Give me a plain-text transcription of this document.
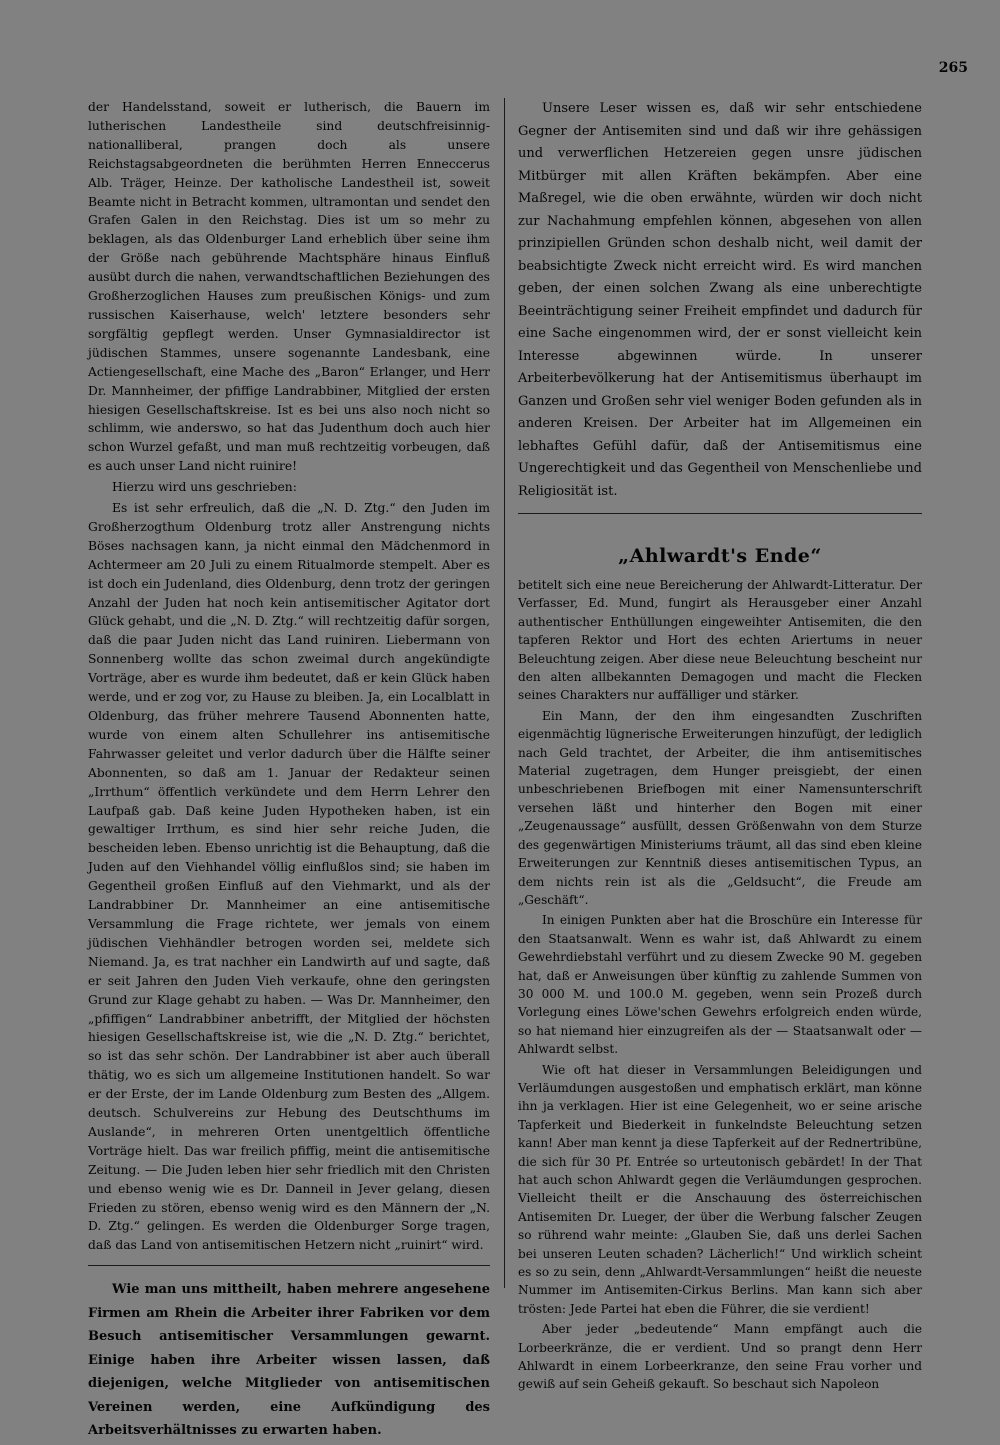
265

der Handelsstand, soweit er lutherisch, die Bauern im lutherischen Landestheile sind deutschfreisinnig-nationalliberal, prangen doch als unsere Reichstagsabgeordneten die berühmten Herren Enneccerus Alb. Träger, Heinze. Der katholische Landestheil ist, soweit Beamte nicht in Betracht kommen, ultramontan und sendet den Grafen Galen in den Reichstag. Dies ist um so mehr zu beklagen, als das Oldenburger Land erheblich über seine ihm der Größe nach gebührende Machtsphäre hinaus Einfluß ausübt durch die nahen, verwandtschaftlichen Beziehungen des Großherzoglichen Hauses zum preußischen Königs- und zum russischen Kaiserhause, welch' letztere besonders sehr sorgfältig gepflegt werden. Unser Gymnasialdirector ist jüdischen Stammes, unsere sogenannte Landesbank, eine Actiengesellschaft, eine Mache des „Baron“ Erlanger, und Herr Dr. Mannheimer, der pfiffige Landrabbiner, Mitglied der ersten hiesigen Gesellschaftskreise. Ist es bei uns also noch nicht so schlimm, wie anderswo, so hat das Judenthum doch auch hier schon Wurzel gefaßt, und man muß rechtzeitig vorbeugen, daß es auch unser Land nicht ruinire!

Hierzu wird uns geschrieben:

Es ist sehr erfreulich, daß die „N. D. Ztg.“ den Juden im Großherzogthum Oldenburg trotz aller Anstrengung nichts Böses nachsagen kann, ja nicht einmal den Mädchenmord in Achtermeer am 20 Juli zu einem Ritualmorde stempelt. Aber es ist doch ein Judenland, dies Oldenburg, denn trotz der geringen Anzahl der Juden hat noch kein antisemitischer Agitator dort Glück gehabt, und die „N. D. Ztg.“ will rechtzeitig dafür sorgen, daß die paar Juden nicht das Land ruiniren. Liebermann von Sonnenberg wollte das schon zweimal durch angekündigte Vorträge, aber es wurde ihm bedeutet, daß er kein Glück haben werde, und er zog vor, zu Hause zu bleiben. Ja, ein Localblatt in Oldenburg, das früher mehrere Tausend Abonnenten hatte, wurde von einem alten Schullehrer ins antisemitische Fahrwasser geleitet und verlor dadurch über die Hälfte seiner Abonnenten, so daß am 1. Januar der Redakteur seinen „Irrthum“ öffentlich verkündete und dem Herrn Lehrer den Laufpaß gab. Daß keine Juden Hypotheken haben, ist ein gewaltiger Irrthum, es sind hier sehr reiche Juden, die bescheiden leben. Ebenso unrichtig ist die Behauptung, daß die Juden auf den Viehhandel völlig einflußlos sind; sie haben im Gegentheil großen Einfluß auf den Viehmarkt, und als der Landrabbiner Dr. Mannheimer an eine antisemitische Versammlung die Frage richtete, wer jemals von einem jüdischen Viehhändler betrogen worden sei, meldete sich Niemand. Ja, es trat nachher ein Landwirth auf und sagte, daß er seit Jahren den Juden Vieh verkaufe, ohne den geringsten Grund zur Klage gehabt zu haben. — Was Dr. Mannheimer, den „pfiffigen“ Landrabbiner anbetrifft, der Mitglied der höchsten hiesigen Gesellschaftskreise ist, wie die „N. D. Ztg.“ berichtet, so ist das sehr schön. Der Landrabbiner ist aber auch überall thätig, wo es sich um allgemeine Institutionen handelt. So war er der Erste, der im Lande Oldenburg zum Besten des „Allgem. deutsch. Schulvereins zur Hebung des Deutschthums im Auslande“, in mehreren Orten unentgeltlich öffentliche Vorträge hielt. Das war freilich pfiffig, meint die antisemitische Zeitung. — Die Juden leben hier sehr friedlich mit den Christen und ebenso wenig wie es Dr. Danneil in Jever gelang, diesen Frieden zu stören, ebenso wenig wird es den Männern der „N. D. Ztg.“ gelingen. Es werden die Oldenburger Sorge tragen, daß das Land von antisemitischen Hetzern nicht „ruinirt“ wird.

Wie man uns mittheilt, haben mehrere angesehene Firmen am Rhein die Arbeiter ihrer Fabriken vor dem Besuch antisemitischer Versammlungen gewarnt. Einige haben ihre Arbeiter wissen lassen, daß diejenigen, welche Mitglieder von antisemitischen Vereinen werden, eine Aufkündigung des Arbeitsverhältnisses zu erwarten haben.

Unsere Leser wissen es, daß wir sehr entschiedene Gegner der Antisemiten sind und daß wir ihre gehässigen und verwerflichen Hetzereien gegen unsre jüdischen Mitbürger mit allen Kräften bekämpfen. Aber eine Maßregel, wie die oben erwähnte, würden wir doch nicht zur Nachahmung empfehlen können, abgesehen von allen prinzipiellen Gründen schon deshalb nicht, weil damit der beabsichtigte Zweck nicht erreicht wird. Es wird manchen geben, der einen solchen Zwang als eine unberechtigte Beeinträchtigung seiner Freiheit empfindet und dadurch für eine Sache eingenommen wird, der er sonst vielleicht kein Interesse abgewinnen würde. In unserer Arbeiterbevölkerung hat der Antisemitismus überhaupt im Ganzen und Großen sehr viel weniger Boden gefunden als in anderen Kreisen. Der Arbeiter hat im Allgemeinen ein lebhaftes Gefühl dafür, daß der Antisemitismus eine Ungerechtigkeit und das Gegentheil von Menschenliebe und Religiosität ist.

„Ahlwardt's Ende“

betitelt sich eine neue Bereicherung der Ahlwardt-Litteratur. Der Verfasser, Ed. Mund, fungirt als Herausgeber einer Anzahl authentischer Enthüllungen eingeweihter Antisemiten, die den tapferen Rektor und Hort des echten Ariertums in neuer Beleuchtung zeigen. Aber diese neue Beleuchtung bescheint nur den alten allbekannten Demagogen und macht die Flecken seines Charakters nur auffälliger und stärker.

Ein Mann, der den ihm eingesandten Zuschriften eigenmächtig lügnerische Erweiterungen hinzufügt, der lediglich nach Geld trachtet, der Arbeiter, die ihm antisemitisches Material zugetragen, dem Hunger preisgiebt, der einen unbeschriebenen Briefbogen mit einer Namensunterschrift versehen läßt und hinterher den Bogen mit einer „Zeugenaussage“ ausfüllt, dessen Größenwahn von dem Sturze des gegenwärtigen Ministeriums träumt, all das sind eben kleine Erweiterungen zur Kenntniß dieses antisemitischen Typus, an dem nichts rein ist als die „Geldsucht“, die Freude am „Geschäft“.

In einigen Punkten aber hat die Broschüre ein Interesse für den Staatsanwalt. Wenn es wahr ist, daß Ahlwardt zu einem Gewehrdiebstahl verführt und zu diesem Zwecke 90 M. gegeben hat, daß er Anweisungen über künftig zu zahlende Summen von 30 000 M. und 100.0 M. gegeben, wenn sein Prozeß durch Vorlegung eines Löwe'schen Gewehrs erfolgreich enden würde, so hat niemand hier einzugreifen als der — Staatsanwalt oder — Ahlwardt selbst.

Wie oft hat dieser in Versammlungen Beleidigungen und Verläumdungen ausgestoßen und emphatisch erklärt, man könne ihn ja verklagen. Hier ist eine Gelegenheit, wo er seine arische Tapferkeit und Biederkeit in funkelndste Beleuchtung setzen kann! Aber man kennt ja diese Tapferkeit auf der Rednertribüne, die sich für 30 Pf. Entrée so urteutonisch gebärdet! In der That hat auch schon Ahlwardt gegen die Verläumdungen gesprochen. Vielleicht theilt er die Anschauung des österreichischen Antisemiten Dr. Lueger, der über die Werbung falscher Zeugen so rührend wahr meinte: „Glauben Sie, daß uns derlei Sachen bei unseren Leuten schaden? Lächerlich!“ Und wirklich scheint es so zu sein, denn „Ahlwardt-Versammlungen“ heißt die neueste Nummer im Antisemiten-Cirkus Berlins. Man kann sich aber trösten: Jede Partei hat eben die Führer, die sie verdient!

Aber jeder „bedeutende“ Mann empfängt auch die Lorbeerkränze, die er verdient. Und so prangt denn Herr Ahlwardt in einem Lorbeerkranze, den seine Frau vorher und gewiß auf sein Geheiß gekauft. So beschaut sich Napoleon
